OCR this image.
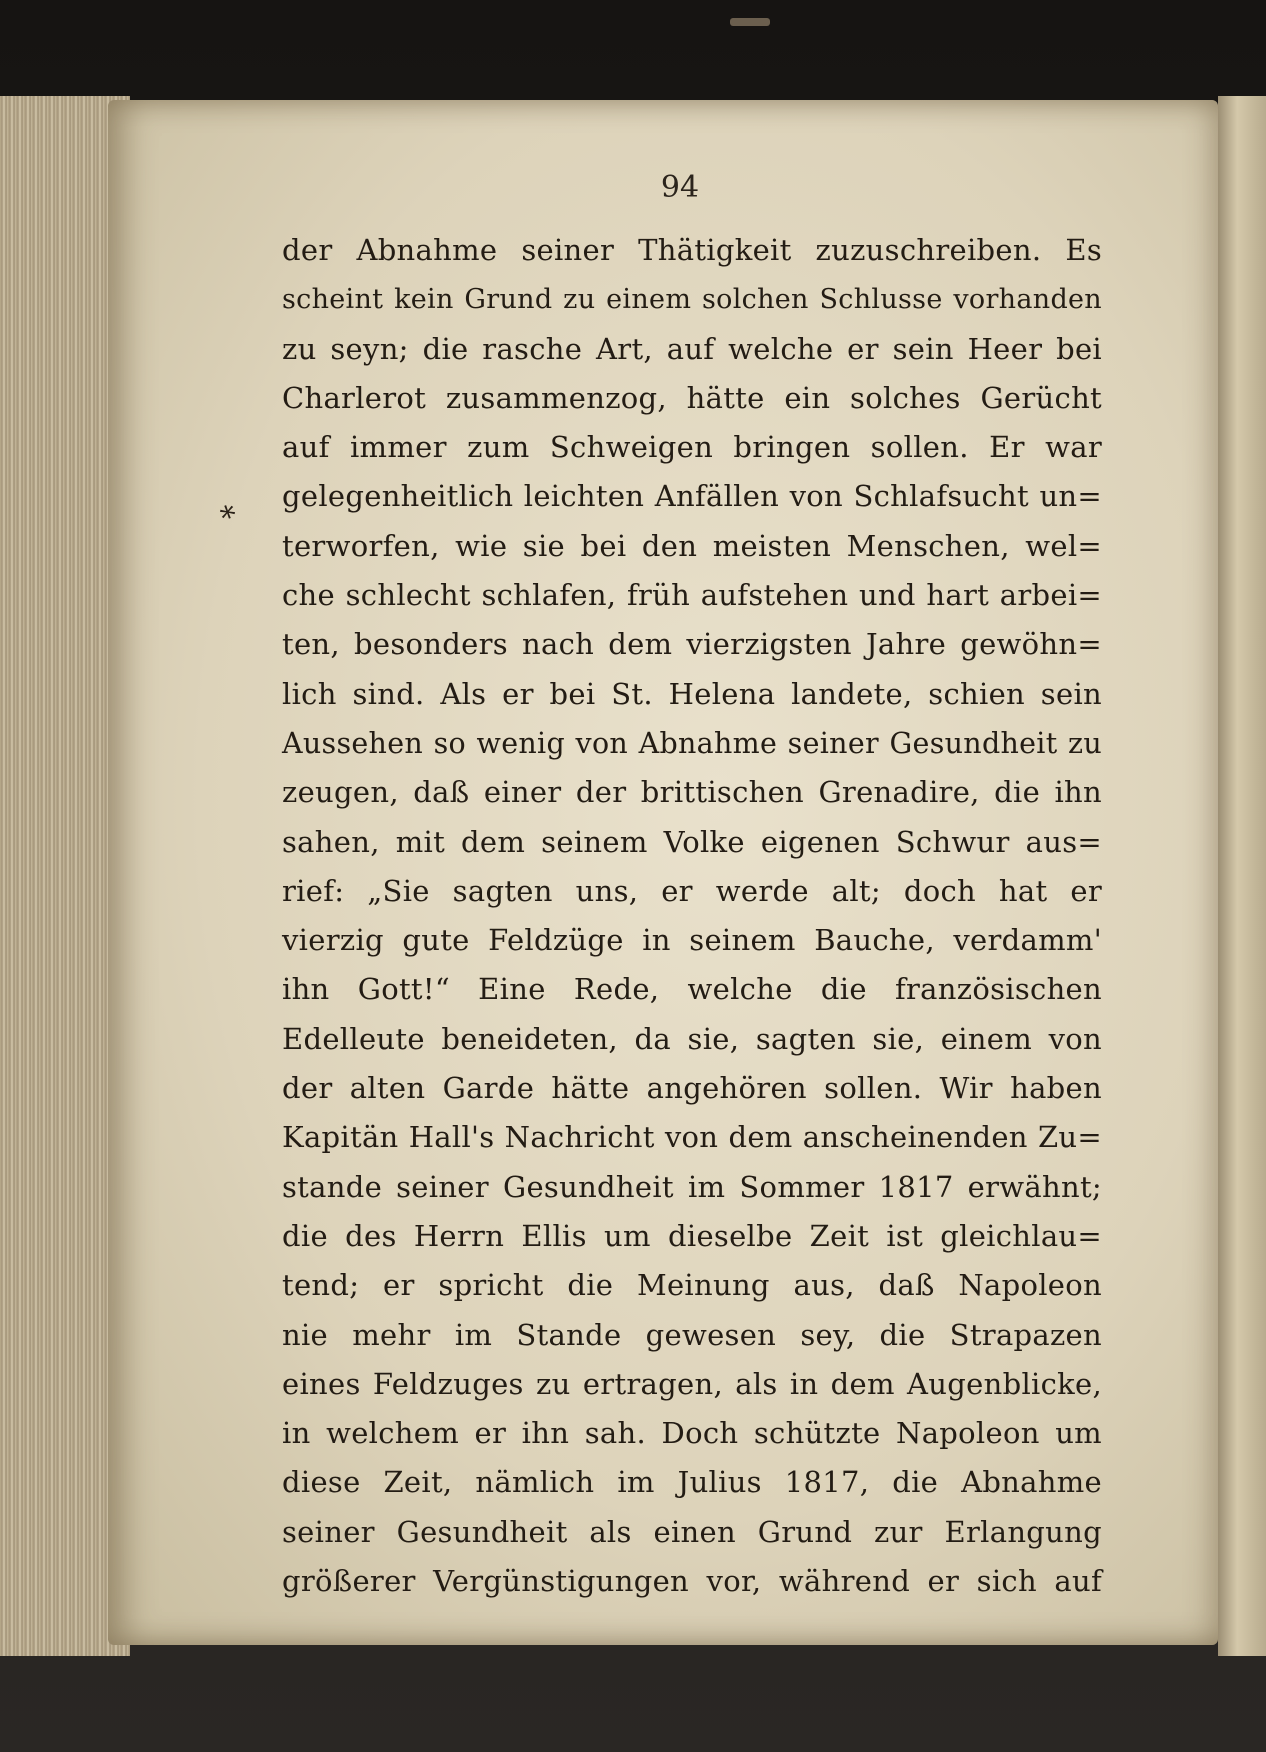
*
94
der Abnahme seiner Thätigkeit zuzuschreiben. Es
scheint kein Grund zu einem solchen Schlusse vorhanden
zu seyn; die rasche Art, auf welche er sein Heer bei
Charlerot zusammenzog, hätte ein solches Gerücht
auf immer zum Schweigen bringen sollen. Er war
gelegenheitlich leichten Anfällen von Schlafsucht un=
terworfen, wie sie bei den meisten Menschen, wel=
che schlecht schlafen, früh aufstehen und hart arbei=
ten, besonders nach dem vierzigsten Jahre gewöhn=
lich sind. Als er bei St. Helena landete, schien sein
Aussehen so wenig von Abnahme seiner Gesundheit zu
zeugen, daß einer der brittischen Grenadire, die ihn
sahen, mit dem seinem Volke eigenen Schwur aus=
rief: „Sie sagten uns, er werde alt; doch hat er
vierzig gute Feldzüge in seinem Bauche, verdamm'
ihn Gott!“ Eine Rede, welche die französischen
Edelleute beneideten, da sie, sagten sie, einem von
der alten Garde hätte angehören sollen. Wir haben
Kapitän Hall's Nachricht von dem anscheinenden Zu=
stande seiner Gesundheit im Sommer 1817 erwähnt;
die des Herrn Ellis um dieselbe Zeit ist gleichlau=
tend; er spricht die Meinung aus, daß Napoleon
nie mehr im Stande gewesen sey, die Strapazen
eines Feldzuges zu ertragen, als in dem Augenblicke,
in welchem er ihn sah. Doch schützte Napoleon um
diese Zeit, nämlich im Julius 1817, die Abnahme
seiner Gesundheit als einen Grund zur Erlangung
größerer Vergünstigungen vor, während er sich auf
